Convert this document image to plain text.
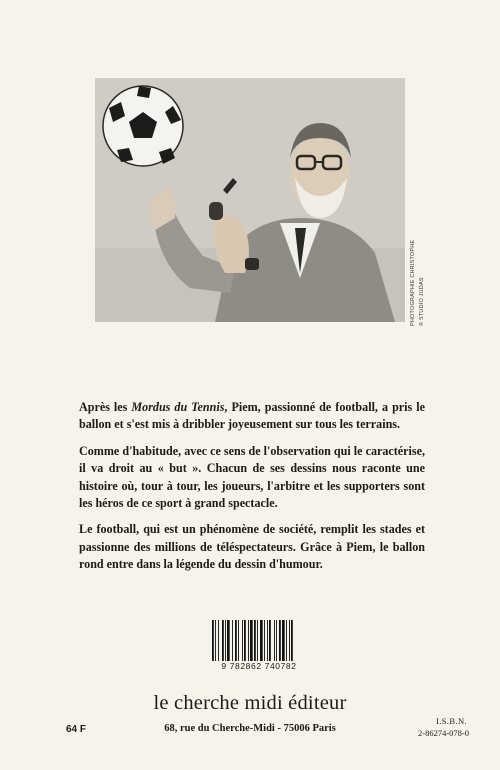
PHOTOGRAPHIE CHRISTOPHE © STUDIO JUDAS

Après les Mordus du Tennis, Piem, passionné de football, a pris le ballon et s'est mis à dribbler joyeusement sur tous les terrains.

Comme d'habitude, avec ce sens de l'observation qui le caractérise, il va droit au « but ». Chacun de ses dessins nous raconte une histoire où, tour à tour, les joueurs, l'arbitre et les supporters sont les héros de ce sport à grand spectacle.

Le football, qui est un phénomène de société, remplit les stades et passionne des millions de téléspectateurs. Grâce à Piem, le ballon rond entre dans la légende du dessin d'humour.

9 782862 740782
le cherche midi éditeur
68, rue du Cherche-Midi - 75006 Paris
64 F
I.S.B.N.
2-86274-078-0
